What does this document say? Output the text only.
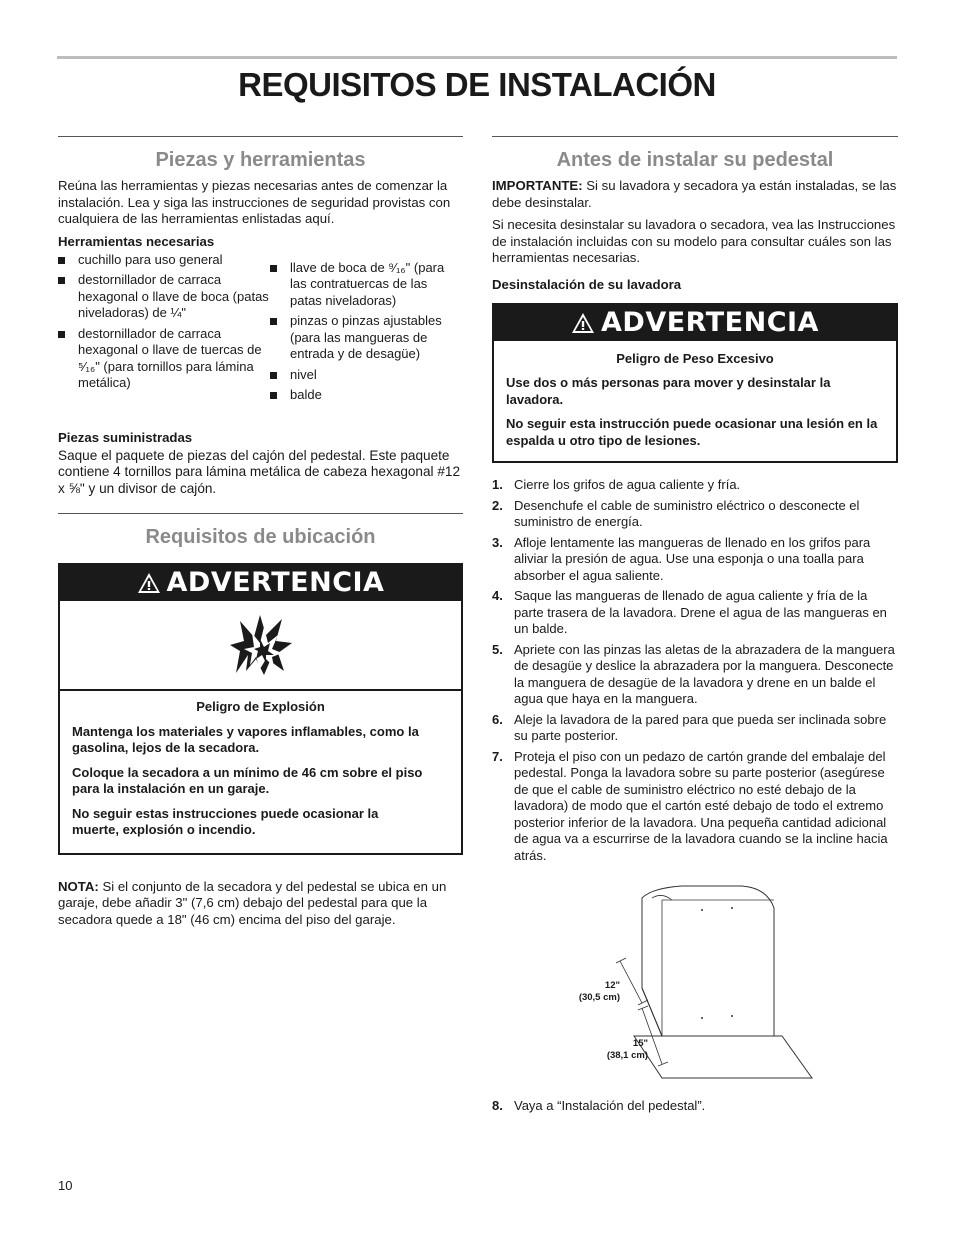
REQUISITOS DE INSTALACIÓN
Piezas y herramientas

Reúna las herramientas y piezas necesarias antes de comenzar la instalación. Lea y siga las instrucciones de seguridad provistas con cualquiera de las herramientas enlistadas aquí.

Herramientas necesarias
cuchillo para uso general
destornillador de carraca hexagonal o llave de boca (patas niveladoras) de ¼"
destornillador de carraca hexagonal o llave de tuercas de ⁵⁄₁₆" (para tornillos para lámina metálica)
llave de boca de ⁹⁄₁₆" (para las contratuercas de las patas niveladoras)
pinzas o pinzas ajustables (para las mangueras de entrada y de desagüe)
nivel
balde
Piezas suministradas

Saque el paquete de piezas del cajón del pedestal. Este paquete contiene 4 tornillos para lámina metálica de cabeza hexagonal #12 x ⅝" y un divisor de cajón.

Requisitos de ubicación
ADVERTENCIA

Peligro de Explosión

Mantenga los materiales y vapores inflamables, como la gasolina, lejos de la secadora.

Coloque la secadora a un mínimo de 46 cm sobre el piso para la instalación en un garaje.

No seguir estas instrucciones puede ocasionar la muerte, explosión o incendio.

NOTA: Si el conjunto de la secadora y del pedestal se ubica en un garaje, debe añadir 3" (7,6 cm) debajo del pedestal para que la secadora quede a 18" (46 cm) encima del piso del garaje.

Antes de instalar su pedestal

IMPORTANTE: Si su lavadora y secadora ya están instaladas, se las debe desinstalar.

Si necesita desinstalar su lavadora o secadora, vea las Instrucciones de instalación incluidas con su modelo para consultar cuáles son las herramientas necesarias.

Desinstalación de su lavadora
ADVERTENCIA

Peligro de Peso Excesivo

Use dos o más personas para mover y desinstalar la lavadora.

No seguir esta instrucción puede ocasionar una lesión en la espalda u otro tipo de lesiones.

1. Cierre los grifos de agua caliente y fría.
2. Desenchufe el cable de suministro eléctrico o desconecte el suministro de energía.
3. Afloje lentamente las mangueras de llenado en los grifos para aliviar la presión de agua. Use una esponja o una toalla para absorber el agua saliente.
4. Saque las mangueras de llenado de agua caliente y fría de la parte trasera de la lavadora. Drene el agua de las mangueras en un balde.
5. Apriete con las pinzas las aletas de la abrazadera de la manguera de desagüe y deslice la abrazadera por la manguera. Desconecte la manguera de desagüe de la lavadora y drene en un balde el agua que haya en la manguera.
6. Aleje la lavadora de la pared para que pueda ser inclinada sobre su parte posterior.
7. Proteja el piso con un pedazo de cartón grande del embalaje del pedestal. Ponga la lavadora sobre su parte posterior (asegúrese de que el cable de suministro eléctrico no esté debajo de la lavadora) de modo que el cartón esté debajo de todo el extremo posterior inferior de la lavadora. Una pequeña cantidad adicional de agua va a escurrirse de la lavadora cuando se la incline hacia atrás.
12"
(30,5 cm)
15"
(38,1 cm)
8. Vaya a “Instalación del pedestal”.
10
